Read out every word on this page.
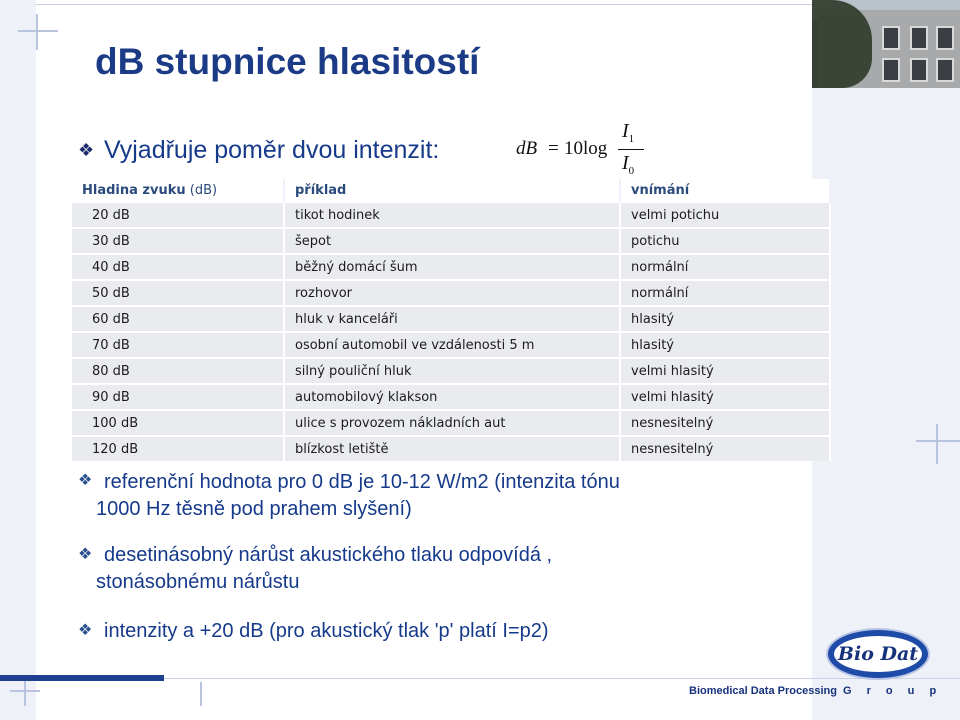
dB stupnice hlasitostí
❖ Vyjadřuje poměr dvou intenzit:	dB = 10log
$I_1$
$I_0$
Hladina zvuku (dB)	příklad	vnímání
20 dB	tikot hodinek	velmi potichu
30 dB	šepot	potichu
40 dB	běžný domácí šum	normální
50 dB	rozhovor	normální
60 dB	hluk v kanceláři	hlasitý
70 dB	osobní automobil ve vzdálenosti 5 m	hlasitý
80 dB	silný pouliční hluk	velmi hlasitý
90 dB	automobilový klakson	velmi hlasitý
100 dB	ulice s provozem nákladních aut	nesnesitelný
120 dB	blízkost letiště	nesnesitelný
❖ referenční hodnota pro 0 dB je 10-12 W/m2 (intenzita tónu
1000 Hz těsně pod prahem slyšení)
❖ desetinásobný nárůst akustického tlaku odpovídá ,
stonásobnému nárůstu
❖ intenzity a +20 dB (pro akustický tlak 'p' platí I=p2)
Bio Dat
Biomedical Data Processing G r o u p
